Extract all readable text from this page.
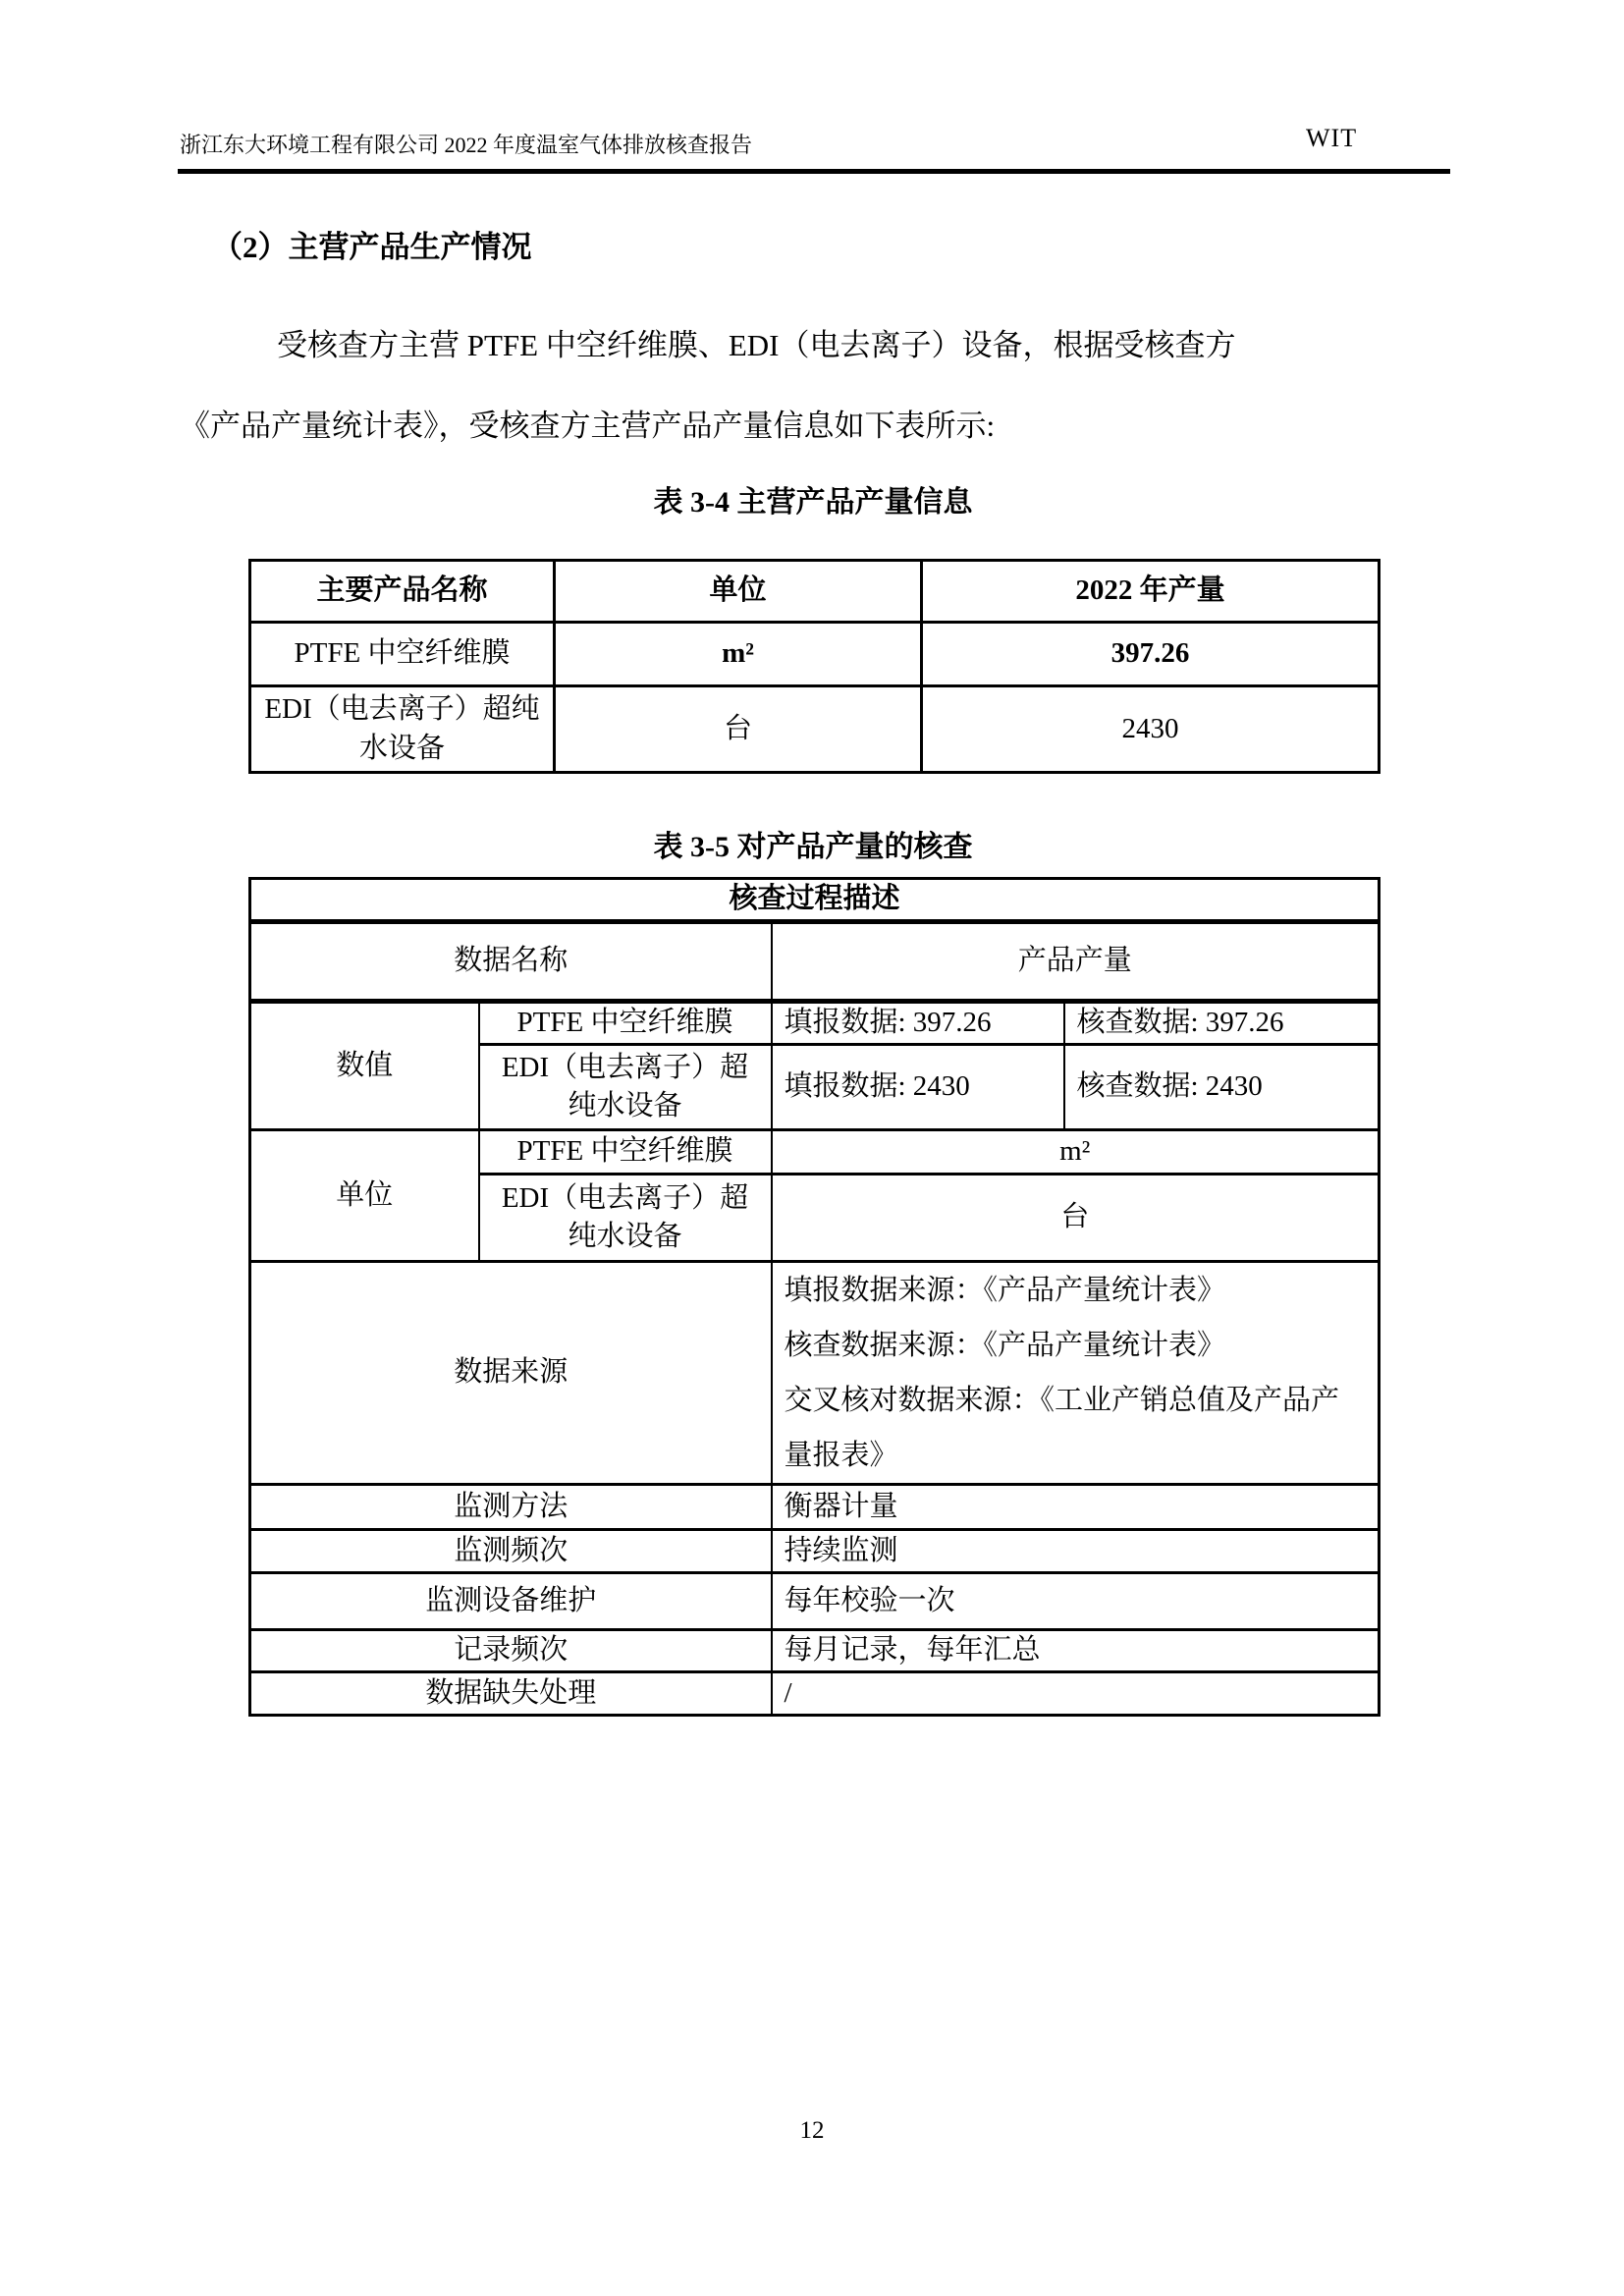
浙江东大环境工程有限公司 2022 年度温室气体排放核查报告	WIT
（2）主营产品生产情况
受核查方主营 PTFE 中空纤维膜、EDI（电去离子）设备，根据受核查方
《产品产量统计表》，受核查方主营产品产量信息如下表所示:
表 3-4 主营产品产量信息
主要产品名称	单位	2022 年产量
PTFE 中空纤维膜	m²	397.26
EDI（电去离子）超纯
水设备	台	2430
表 3-5 对产品产量的核查
核查过程描述			
数据名称		产品产量	
数值	PTFE 中空纤维膜	填报数据: 397.26	核查数据: 397.26
	EDI（电去离子）超
纯水设备	填报数据: 2430	核查数据: 2430
单位	PTFE 中空纤维膜	m²	
	EDI（电去离子）超
纯水设备	台	
数据来源		填报数据来源：《产品产量统计表》
核查数据来源：《产品产量统计表》
交叉核对数据来源：《工业产销总值及产品产
量报表》	

监测方法		衡器计量	
监测频次		持续监测	
监测设备维护		每年校验一次	
记录频次		每月记录，每年汇总	
数据缺失处理		/	
12
